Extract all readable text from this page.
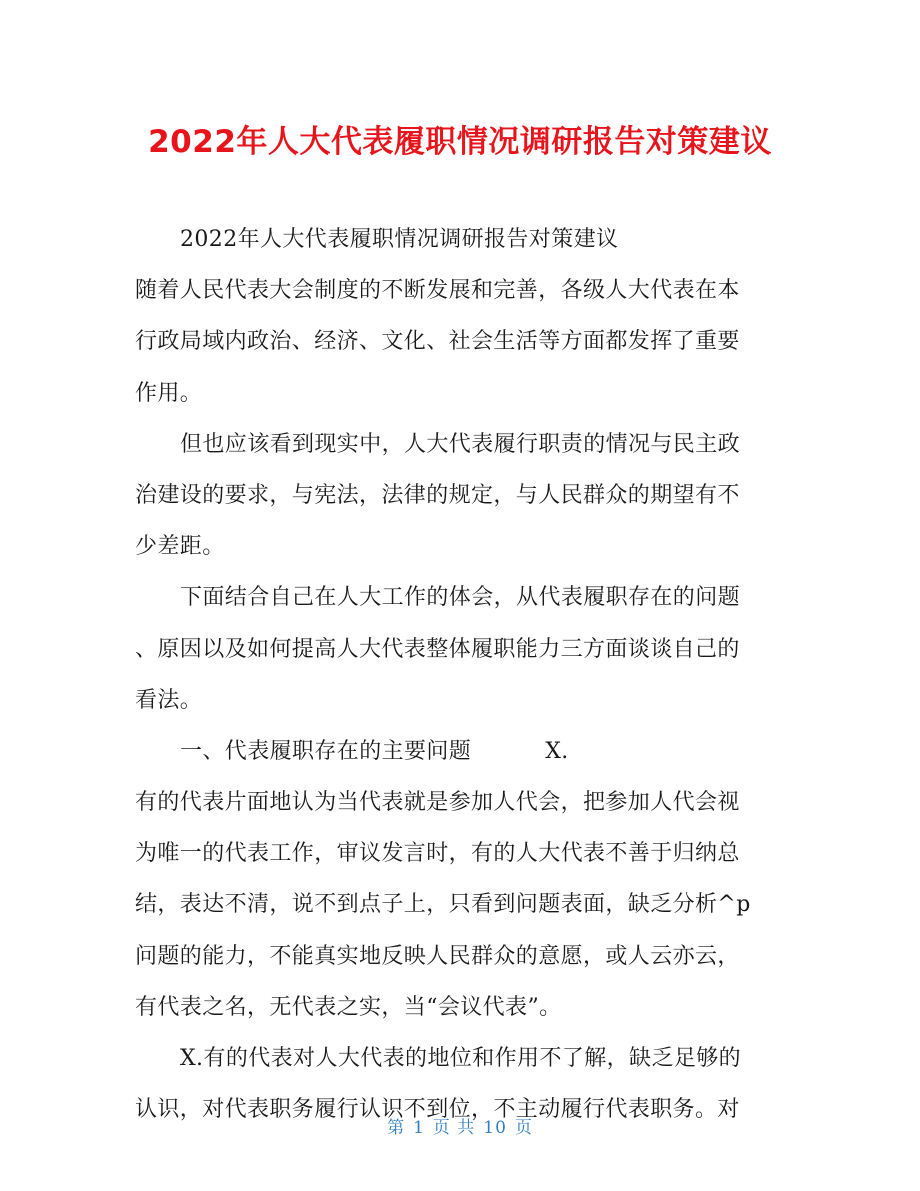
2022年人大代表履职情况调研报告对策建议
2022年人大代表履职情况调研报告对策建议
随着人民代表大会制度的不断发展和完善，各级人大代表在本
行政局域内政治、经济、文化、社会生活等方面都发挥了重要
作用。
但也应该看到现实中，人大代表履行职责的情况与民主政
治建设的要求，与宪法，法律的规定，与人民群众的期望有不
少差距。
下面结合自己在人大工作的体会，从代表履职存在的问题
、原因以及如何提高人大代表整体履职能力三方面谈谈自己的
看法。
一、代表履职存在的主要问题	X.
有的代表片面地认为当代表就是参加人代会，把参加人代会视
为唯一的代表工作，审议发言时，有的人大代表不善于归纳总
结，表达不清，说不到点子上，只看到问题表面，缺乏分析^p
问题的能力，不能真实地反映人民群众的意愿，或人云亦云，
有代表之名，无代表之实，当“会议代表”。
X.有的代表对人大代表的地位和作用不了解，缺乏足够的
认识，对代表职务履行认识不到位，不主动履行代表职务。对
第 1 页 共 10 页
